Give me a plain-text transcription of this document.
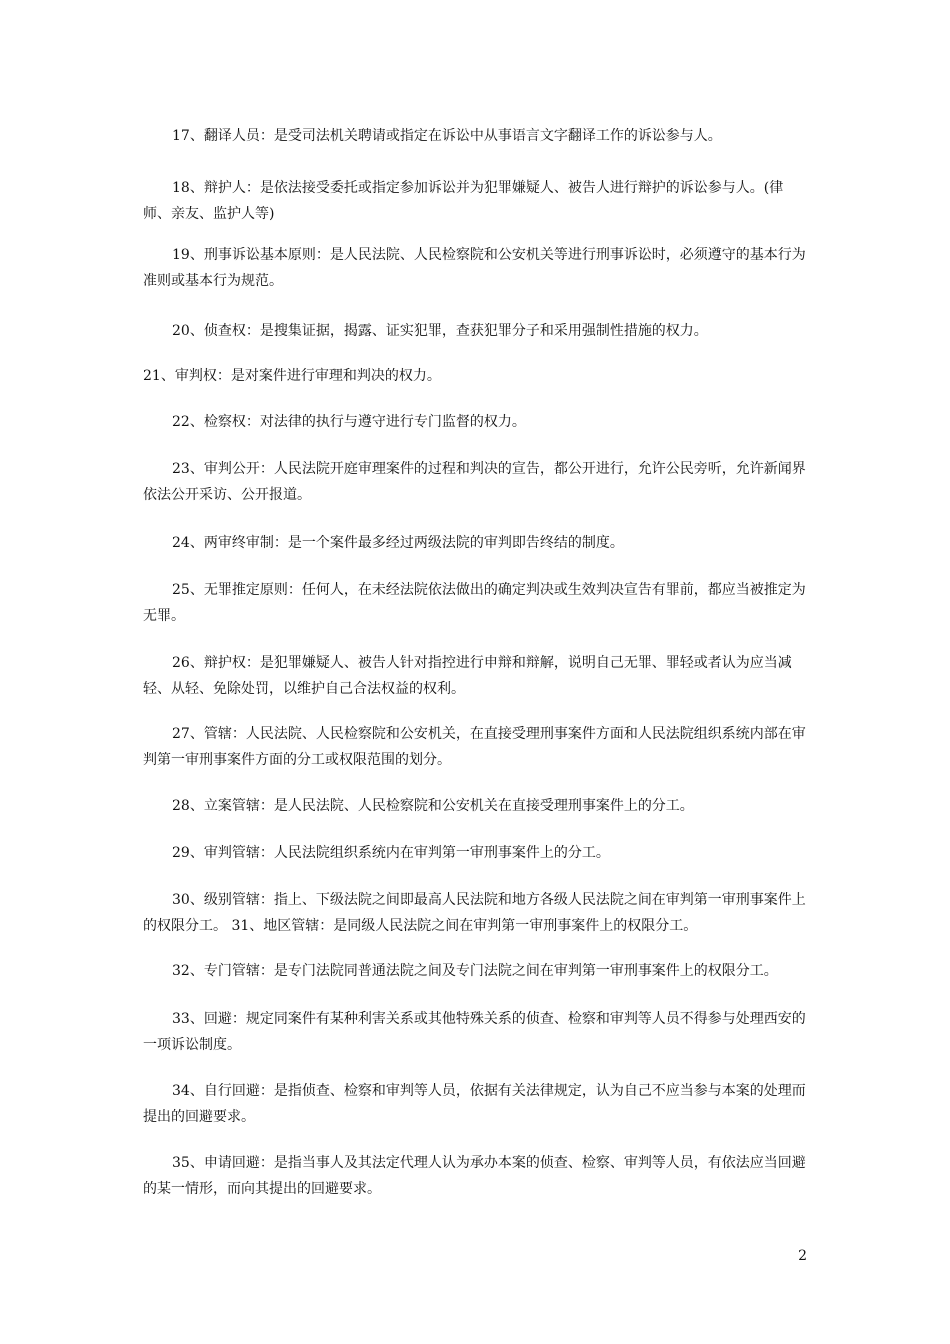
17、翻译人员：是受司法机关聘请或指定在诉讼中从事语言文字翻译工作的诉讼参与人。

18、辩护人：是依法接受委托或指定参加诉讼并为犯罪嫌疑人、被告人进行辩护的诉讼参与人。(律师、亲友、监护人等)

19、刑事诉讼基本原则：是人民法院、人民检察院和公安机关等进行刑事诉讼时，必须遵守的基本行为准则或基本行为规范。

20、侦查权：是搜集证据，揭露、证实犯罪，查获犯罪分子和采用强制性措施的权力。

21、审判权：是对案件进行审理和判决的权力。

22、检察权：对法律的执行与遵守进行专门监督的权力。

23、审判公开：人民法院开庭审理案件的过程和判决的宣告，都公开进行，允许公民旁听，允许新闻界依法公开采访、公开报道。

24、两审终审制：是一个案件最多经过两级法院的审判即告终结的制度。

25、无罪推定原则：任何人，在未经法院依法做出的确定判决或生效判决宣告有罪前，都应当被推定为无罪。

26、辩护权：是犯罪嫌疑人、被告人针对指控进行申辩和辩解，说明自己无罪、罪轻或者认为应当减轻、从轻、免除处罚，以维护自己合法权益的权利。

27、管辖：人民法院、人民检察院和公安机关，在直接受理刑事案件方面和人民法院组织系统内部在审判第一审刑事案件方面的分工或权限范围的划分。

28、立案管辖：是人民法院、人民检察院和公安机关在直接受理刑事案件上的分工。

29、审判管辖：人民法院组织系统内在审判第一审刑事案件上的分工。

30、级别管辖：指上、下级法院之间即最高人民法院和地方各级人民法院之间在审判第一审刑事案件上的权限分工。 31、地区管辖：是同级人民法院之间在审判第一审刑事案件上的权限分工。

32、专门管辖：是专门法院同普通法院之间及专门法院之间在审判第一审刑事案件上的权限分工。

33、回避：规定同案件有某种利害关系或其他特殊关系的侦查、检察和审判等人员不得参与处理西安的一项诉讼制度。

34、自行回避：是指侦查、检察和审判等人员，依据有关法律规定，认为自己不应当参与本案的处理而提出的回避要求。

35、申请回避：是指当事人及其法定代理人认为承办本案的侦查、检察、审判等人员，有依法应当回避的某一情形，而向其提出的回避要求。

2
